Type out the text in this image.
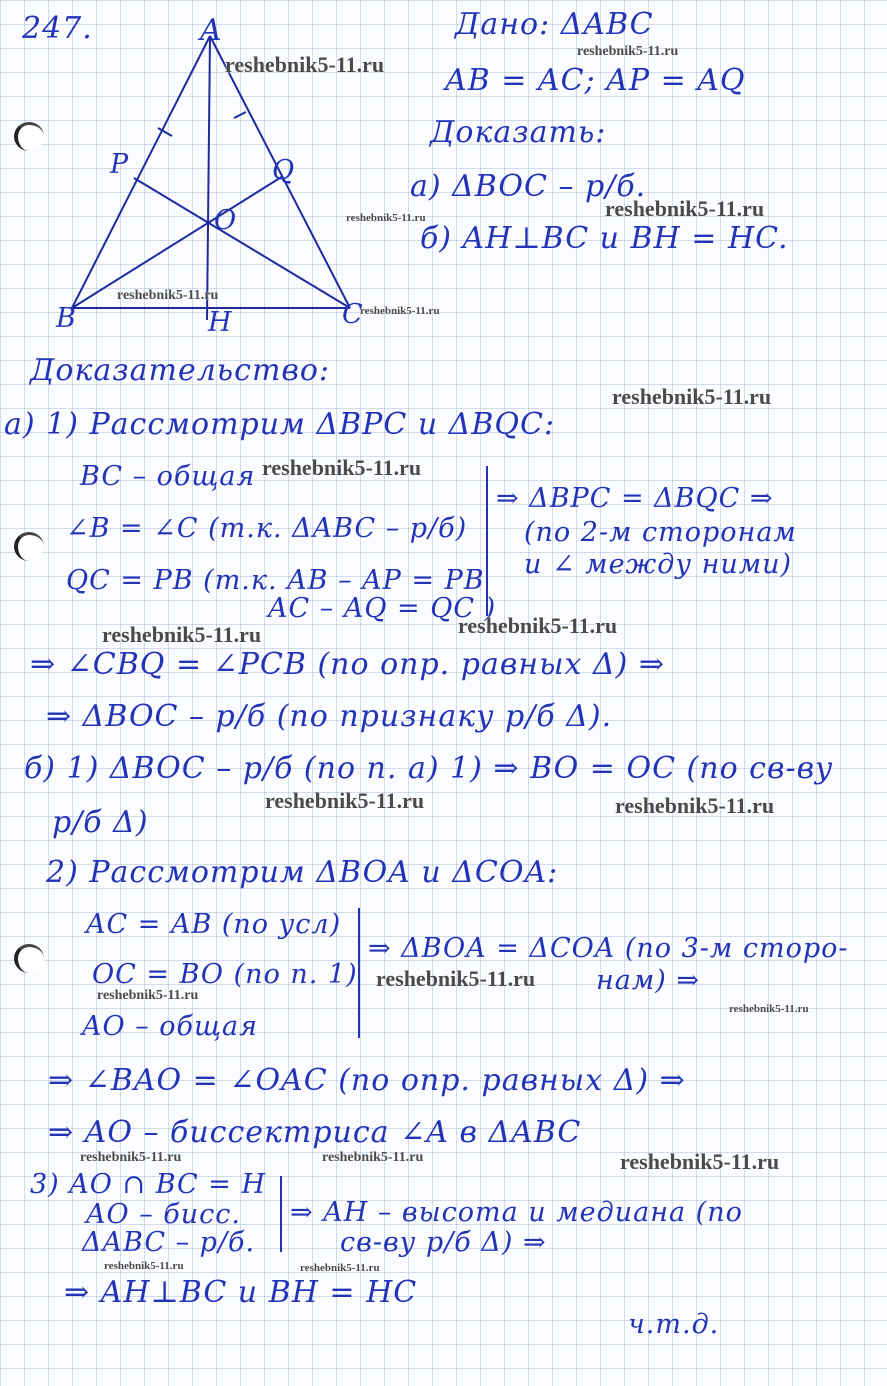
247.	A
B	C
P	Q
O
H
Дано: ΔABC
AB = AC; AP = AQ
Доказать:
а) ΔBOC – р/б.
б) AH⊥BC и BH = HC.
Доказательство:
а) 1) Рассмотрим ΔBPC и ΔBQC:
BC – общая
∠B = ∠C (т.к. ΔABC – р/б)
QC = PB (т.к. AB – AP = PB
AC – AQ = QC )
⇒ ΔBPC = ΔBQC ⇒
(по 2-м сторонам
и ∠ между ними)
⇒ ∠CBQ = ∠PCB (по опр. равных Δ) ⇒
⇒ ΔBOC – р/б (по признаку р/б Δ).
б) 1) ΔBOC – р/б (по п. а) 1) ⇒ BO = OC (по св-ву
р/б Δ)
2) Рассмотрим ΔBOA и ΔCOA:
AC = AB (по усл)
OC = BO (по п. 1)
AO – общая
⇒ ΔBOA = ΔCOA (по 3-м сторо-
нам) ⇒
⇒ ∠BAO = ∠OAC (по опр. равных Δ) ⇒
⇒ AO – биссектриса ∠A в ΔABC
3) AO ∩ BC = H
AO – бисс.
ΔABC – р/б.
⇒ AH – высота и медиана (по
св-ву р/б Δ) ⇒
⇒ AH⊥BC и BH = HC
ч.т.д.
reshebnik5-11.ru
reshebnik5-11.ru
reshebnik5-11.ru
reshebnik5-11.ru
reshebnik5-11.ru
reshebnik5-11.ru
reshebnik5-11.ru
reshebnik5-11.ru
reshebnik5-11.ru	reshebnik5-11.ru
reshebnik5-11.ru	reshebnik5-11.ru
reshebnik5-11.ru
reshebnik5-11.ru
reshebnik5-11.ru
reshebnik5-11.ru	reshebnik5-11.ru	reshebnik5-11.ru
reshebnik5-11.ru	reshebnik5-11.ru
